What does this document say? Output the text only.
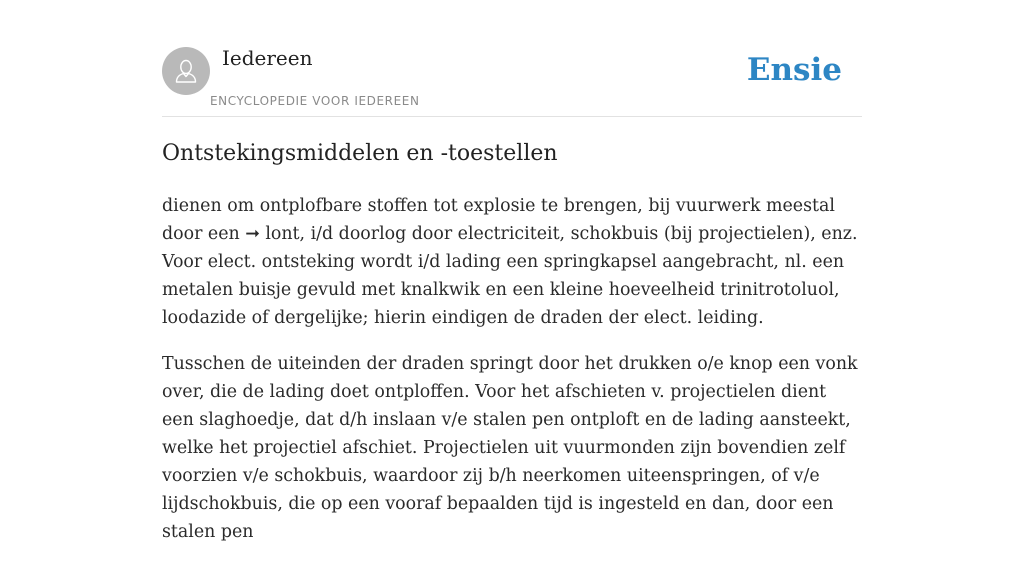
Iedereen
ENCYCLOPEDIE VOOR IEDEREEN
Ensie
Ontstekingsmiddelen en -toestellen

dienen om ontplofbare stoffen tot explosie te brengen, bij vuurwerk meestal door een ➞ lont, i/d doorlog door electriciteit, schokbuis (bij projectielen), enz. Voor elect. ontsteking wordt i/d lading een springkapsel aangebracht, nl. een metalen buisje gevuld met knalkwik en een kleine hoeveelheid trinitrotoluol, loodazide of dergelijke; hierin eindigen de draden der elect. leiding.

Tusschen de uiteinden der draden springt door het drukken o/e knop een vonk over, die de lading doet ontploffen. Voor het afschieten v. projectielen dient een slaghoedje, dat d/h inslaan v/e stalen pen ontploft en de lading aansteekt, welke het projectiel afschiet. Projectielen uit vuurmonden zijn bovendien zelf voorzien v/e schokbuis, waardoor zij b/h neerkomen uiteenspringen, of v/e lijdschokbuis, die op een vooraf bepaalden tijd is ingesteld en dan, door een stalen pen
